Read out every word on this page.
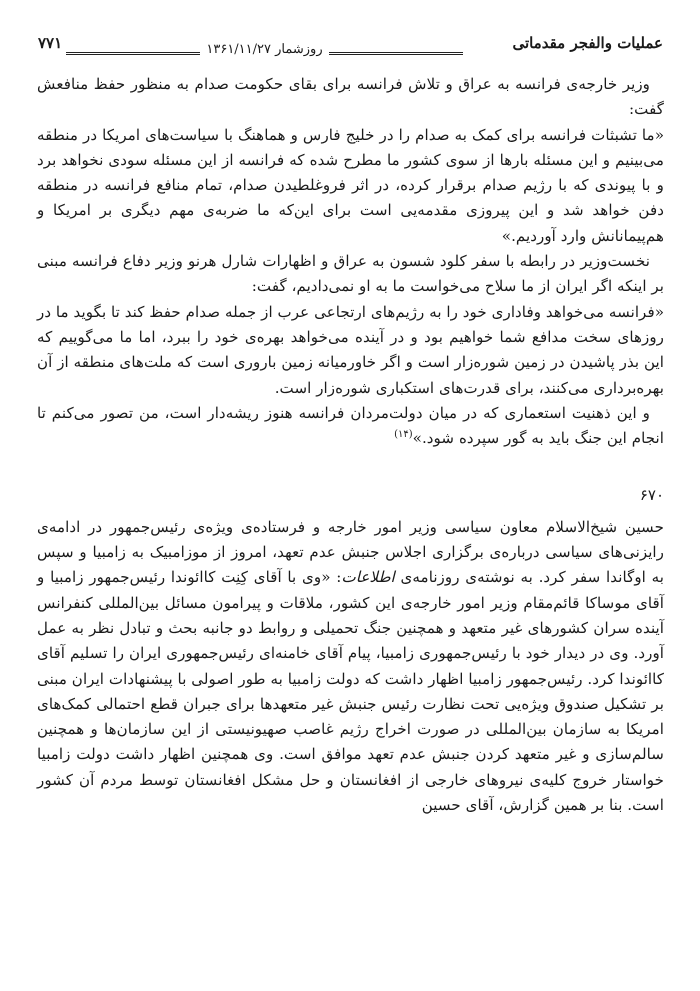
عملیات والفجر مقدماتی
روزشمار ۱۳۶۱/۱۱/۲۷
۷۷۱

وزیر خارجه‌ی فرانسه به عراق و تلاش فرانسه برای بقای حکومت صدام به منظور حفظ منافعش گفت:

«ما تشبثات فرانسه برای کمک به صدام را در خلیج فارس و هماهنگ با سیاست‌های امریکا در منطقه می‌بینیم و این مسئله بارها از سوی کشور ما مطرح شده که فرانسه از این مسئله سودی نخواهد برد و با پیوندی که با رژیم صدام برقرار کرده، در اثر فروغلطیدن صدام، تمام منافع فرانسه در منطقه دفن خواهد شد و این پیروزی مقدمه‌یی است برای این‌که ما ضربه‌ی مهم دیگری بر امریکا و هم‌پیمانانش وارد آوردیم.»

نخست‌وزیر در رابطه با سفر کلود شسون به عراق و اظهارات شارل هرنو وزیر دفاع فرانسه مبنی بر اینکه اگر ایران از ما سلاح می‌خواست ما به او نمی‌دادیم، گفت:

«فرانسه می‌خواهد وفاداری خود را به رژیم‌های ارتجاعی عرب از جمله صدام حفظ کند تا بگوید ما در روزهای سخت مدافع شما خواهیم بود و در آینده می‌خواهد بهره‌ی خود را ببرد، اما ما می‌گوییم که این بذر پاشیدن در زمین شوره‌زار است و اگر خاورمیانه زمین باروری است که ملت‌های منطقه از آن بهره‌برداری می‌کنند، برای قدرت‌های استکباری شوره‌زار است.

و این ذهنیت استعماری که در میان دولت‌مردان فرانسه هنوز ریشه‌دار است، من تصور می‌کنم تا انجام این جنگ باید به گور سپرده شود.»$^{(۱۴)}$

۶۷۰

حسین شیخ‌الاسلام معاون سیاسی وزیر امور خارجه و فرستاده‌ی ویژه‌ی رئیس‌جمهور در ادامه‌ی رایزنی‌های سیاسی درباره‌ی برگزاری اجلاس جنبش عدم تعهد، امروز از موزامبیک به زامبیا و سپس به اوگاندا سفر کرد. به نوشته‌ی روزنامه‌ی اطلاعات: «وی با آقای کِنِت کاائوندا رئیس‌جمهور زامبیا و آقای موساکا قائم‌مقام وزیر امور خارجه‌ی این کشور، ملاقات و پیرامون مسائل بین‌المللی کنفرانس آینده سران کشورهای غیر متعهد و همچنین جنگ تحمیلی و روابط دو جانبه بحث و تبادل نظر به عمل آورد. وی در دیدار خود با رئیس‌جمهوری زامبیا، پیام آقای خامنه‌ای رئیس‌جمهوری ایران را تسلیم آقای کاائوندا کرد. رئیس‌جمهور زامبیا اظهار داشت که دولت زامبیا به طور اصولی با پیشنهادات ایران مبنی بر تشکیل صندوق ویژه‌یی تحت نظارت رئیس جنبش غیر متعهدها برای جبران قطع احتمالی کمک‌های امریکا به سازمان بین‌المللی در صورت اخراج رژیم غاصب صهیونیستی از این سازمان‌ها و همچنین سالم‌سازی و غیر متعهد کردن جنبش عدم تعهد موافق است. وی همچنین اظهار داشت دولت زامبیا خواستار خروج کلیه‌ی نیروهای خارجی از افغانستان و حل مشکل افغانستان توسط مردم آن کشور است. بنا بر همین گزارش، آقای حسین
